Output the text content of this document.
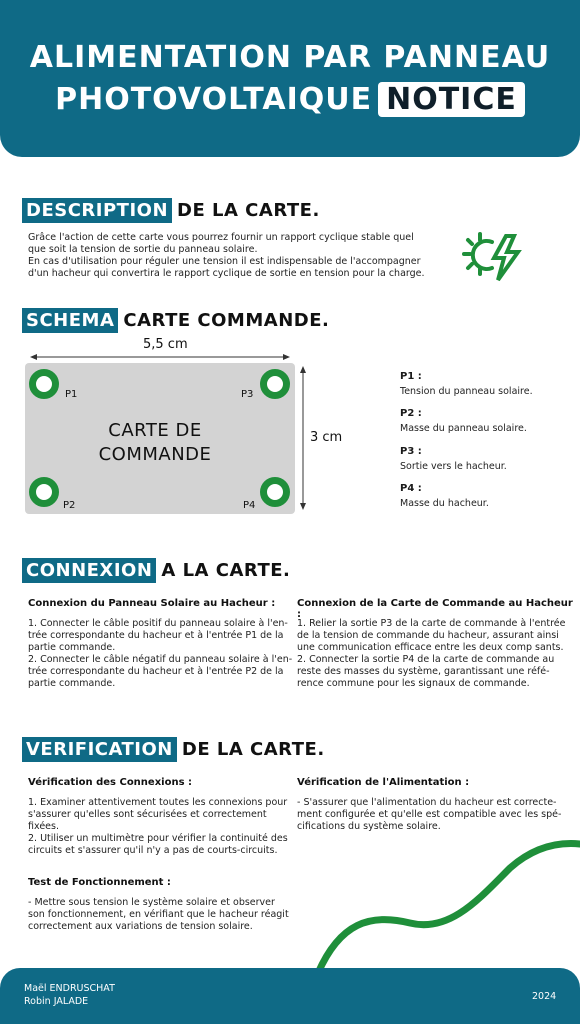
ALIMENTATION PAR PANNEAU
PHOTOVOLTAIQUE NOTICE
DESCRIPTION DE LA CARTE.
Grâce l'action de cette carte vous pourrez fournir un rapport cyclique stable quel
que soit la tension de sortie du panneau solaire.
En cas d'utilisation pour réguler une tension il est indispensable de l'accompagner
d'un hacheur qui convertira le rapport cyclique de sortie en tension pour la charge.
SCHEMA CARTE COMMANDE.
5,5 cm
3 cm
P1	P3
P2	P4
CARTE DE
COMMANDE
P1 :
Tension du panneau solaire.
P2 :
Masse du panneau solaire.
P3 :
Sortie vers le hacheur.
P4 :
Masse du hacheur.
CONNEXION A LA CARTE.
Connexion du Panneau Solaire au Hacheur :
1. Connecter le câble positif du panneau solaire à l'en-
trée correspondante du hacheur et à l'entrée P1 de la
partie commande.
2. Connecter le câble négatif du panneau solaire à l'en-
trée correspondante du hacheur et à l'entrée P2 de la
partie commande.
Connexion de la Carte de Commande au Hacheur :
1. Relier la sortie P3 de la carte de commande à l'entrée
de la tension de commande du hacheur, assurant ainsi
une communication efficace entre les deux comp sants.
2. Connecter la sortie P4 de la carte de commande au
reste des masses du système, garantissant une réfé-
rence commune pour les signaux de commande.
VERIFICATION DE LA CARTE.
Vérification des Connexions :
1. Examiner attentivement toutes les connexions pour
s'assurer qu'elles sont sécurisées et correctement
fixées.
2. Utiliser un multimètre pour vérifier la continuité des
circuits et s'assurer qu'il n'y a pas de courts-circuits.
Vérification de l'Alimentation :
- S'assurer que l'alimentation du hacheur est correcte-
ment configurée et qu'elle est compatible avec les spé-
cifications du système solaire.
Test de Fonctionnement :
- Mettre sous tension le système solaire et observer
son fonctionnement, en vérifiant que le hacheur réagit
correctement aux variations de tension solaire.
Maël ENDRUSCHAT
Robin JALADE	2024
